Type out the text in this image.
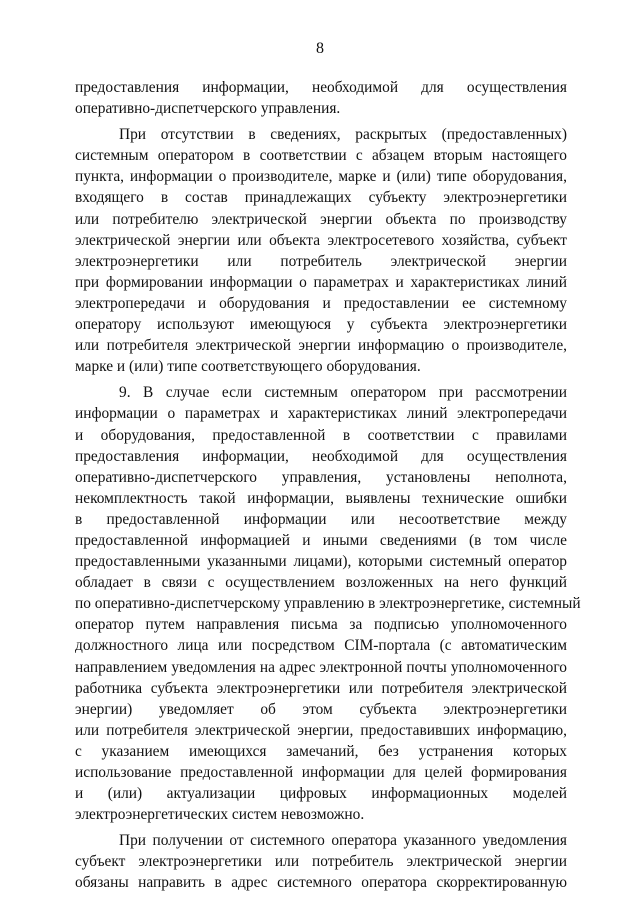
8
предоставления информации, необходимой для осуществления
оперативно-диспетчерского управления.
При отсутствии в сведениях, раскрытых (предоставленных)
системным оператором в соответствии с абзацем вторым настоящего
пункта, информации о производителе, марке и (или) типе оборудования,
входящего в состав принадлежащих субъекту электроэнергетики
или потребителю электрической энергии объекта по производству
электрической энергии или объекта электросетевого хозяйства, субъект
электроэнергетики или потребитель электрической энергии
при формировании информации о параметрах и характеристиках линий
электропередачи и оборудования и предоставлении ее системному
оператору используют имеющуюся у субъекта электроэнергетики
или потребителя электрической энергии информацию о производителе,
марке и (или) типе соответствующего оборудования.
9. В случае если системным оператором при рассмотрении
информации о параметрах и характеристиках линий электропередачи
и оборудования, предоставленной в соответствии с правилами
предоставления информации, необходимой для осуществления
оперативно-диспетчерского управления, установлены неполнота,
некомплектность такой информации, выявлены технические ошибки
в предоставленной информации или несоответствие между
предоставленной информацией и иными сведениями (в том числе
предоставленными указанными лицами), которыми системный оператор
обладает в связи с осуществлением возложенных на него функций
по оперативно-диспетчерскому управлению в электроэнергетике, системный
оператор путем направления письма за подписью уполномоченного
должностного лица или посредством CIM-портала (с автоматическим
направлением уведомления на адрес электронной почты уполномоченного
работника субъекта электроэнергетики или потребителя электрической
энергии) уведомляет об этом субъекта электроэнергетики
или потребителя электрической энергии, предоставивших информацию,
с указанием имеющихся замечаний, без устранения которых
использование предоставленной информации для целей формирования
и (или) актуализации цифровых информационных моделей
электроэнергетических систем невозможно.
При получении от системного оператора указанного уведомления
субъект электроэнергетики или потребитель электрической энергии
обязаны направить в адрес системного оператора скорректированную
